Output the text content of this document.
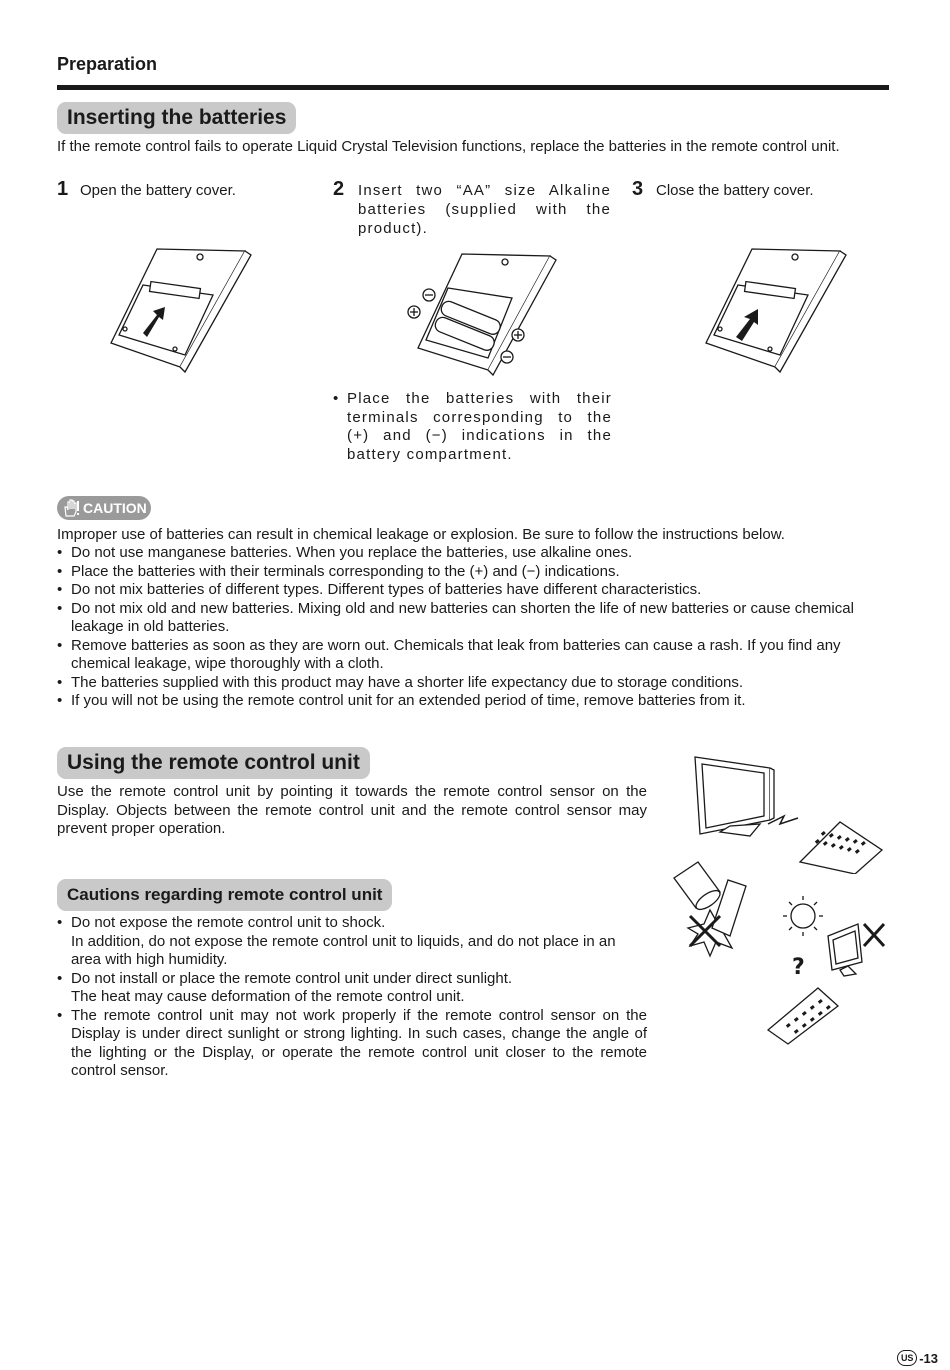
Preparation
Inserting the batteries
If the remote control fails to operate Liquid Crystal Television functions, replace the batteries in the remote control unit.
1 Open the battery cover.	2 Insert two “AA” size Alkaline batteries (supplied with the product).
3 Close the battery cover.
• Place the batteries with their terminals corresponding to the (+) and (−) indications in the battery compartment.
CAUTION
Improper use of batteries can result in chemical leakage or explosion. Be sure to follow the instructions below.
• Do not use manganese batteries. When you replace the batteries, use alkaline ones.
• Place the batteries with their terminals corresponding to the (+) and (−) indications.
• Do not mix batteries of different types. Different types of batteries have different characteristics.
• Do not mix old and new batteries. Mixing old and new batteries can shorten the life of new batteries or cause chemical leakage in old batteries.
• Remove batteries as soon as they are worn out. Chemicals that leak from batteries can cause a rash. If you find any chemical leakage, wipe thoroughly with a cloth.
• The batteries supplied with this product may have a shorter life expectancy due to storage conditions.
• If you will not be using the remote control unit for an extended period of time, remove batteries from it.
Using the remote control unit
Use the remote control unit by pointing it towards the remote control sensor on the Display. Objects between the remote control unit and the remote control sensor may prevent proper operation.
Cautions regarding remote control unit
• Do not expose the remote control unit to shock.
In addition, do not expose the remote control unit to liquids, and do not place in an area with high humidity.
• Do not install or place the remote control unit under direct sunlight.
The heat may cause deformation of the remote control unit.
• The remote control unit may not work properly if the remote control sensor on the Display is under direct sunlight or strong lighting. In such cases, change the angle of the lighting or the Display, or operate the remote control unit closer to the remote control sensor.
?
US -13
